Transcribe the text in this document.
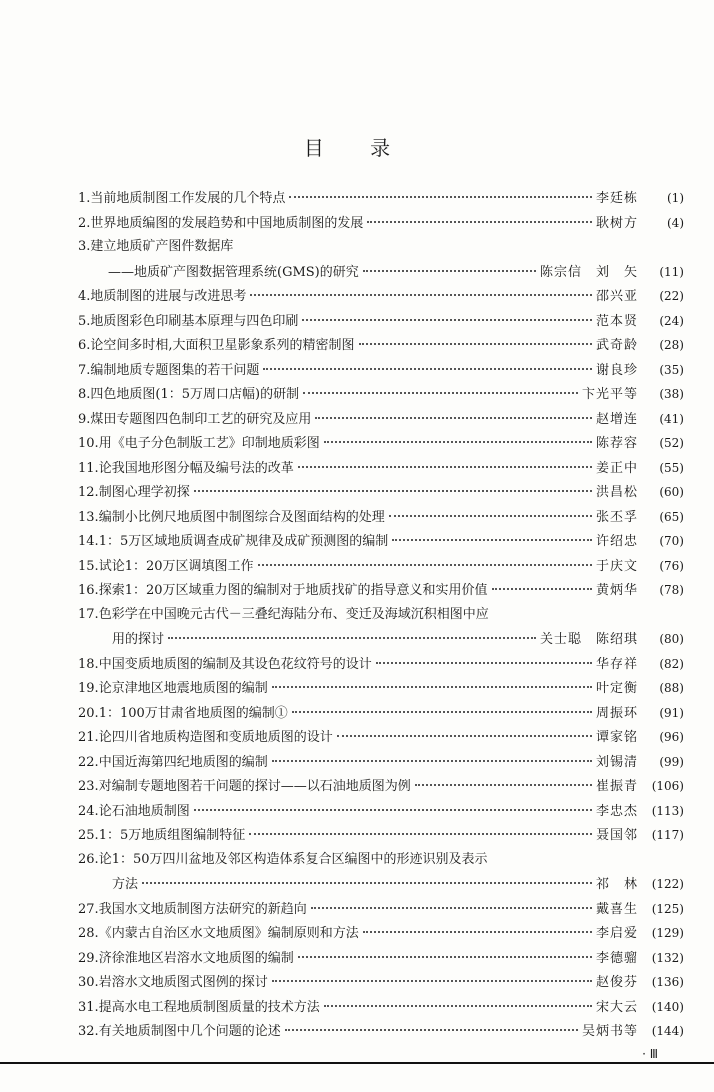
目 录
1. 当前地质制图工作发展的几个特点	李廷栋	(1)
2. 世界地质编图的发展趋势和中国地质制图的发展	耿树方	(4)
3. 建立地质矿产图件数据库
——地质矿产图数据管理系统(GMS)的研究	陈宗信　刘　矢	(11)
4. 地质制图的进展与改进思考	邵兴亚	(22)
5. 地质图彩色印刷基本原理与四色印刷	范本贤	(24)
6. 论空间多时相,大面积卫星影象系列的精密制图	武奇龄	(28)
7. 编制地质专题图集的若干问题	谢良珍	(35)
8. 四色地质图(1：5万周口店幅)的研制	卞光平等	(38)
9. 煤田专题图四色制印工艺的研究及应用	赵增连	(41)
10. 用《电子分色制版工艺》印制地质彩图	陈荐容	(52)
11. 论我国地形图分幅及编号法的改革	姜正中	(55)
12. 制图心理学初探	洪昌松	(60)
13. 编制小比例尺地质图中制图综合及图面结构的处理	张丕孚	(65)
14. 1：5万区域地质调查成矿规律及成矿预测图的编制	许绍忠	(70)
15. 试论1：20万区调填图工作	于庆文	(76)
16. 探索1：20万区域重力图的编制对于地质找矿的指导意义和实用价值	黄炳华	(78)
17. 色彩学在中国晚元古代－三叠纪海陆分布、变迁及海域沉积相图中应
用的探讨	关士聪　陈绍琪	(80)
18. 中国变质地质图的编制及其设色花纹符号的设计	华存祥	(82)
19. 论京津地区地震地质图的编制	叶定衡	(88)
20. 1：100万甘肃省地质图的编制①	周振环	(91)
21. 论四川省地质构造图和变质地质图的设计	谭家铭	(96)
22. 中国近海第四纪地质图的编制	刘锡清	(99)
23. 对编制专题地图若干问题的探讨——以石油地质图为例	崔振青	(106)
24. 论石油地质制图	李忠杰	(113)
25. 1：5万地质组图编制特征	聂国邻	(117)
26. 论1：50万四川盆地及邻区构造体系复合区编图中的形迹识别及表示
方法	祁　林	(122)
27. 我国水文地质制图方法研究的新趋向	戴喜生	(125)
28. 《内蒙古自治区水文地质图》编制原则和方法	李启爱	(129)
29. 济徐淮地区岩溶水文地质图的编制	李德骝	(132)
30. 岩溶水文地质图式图例的探讨	赵俊芬	(136)
31. 提高水电工程地质制图质量的技术方法	宋大云	(140)
32. 有关地质制图中几个问题的论述	吴炳书等	(144)
· Ⅲ
